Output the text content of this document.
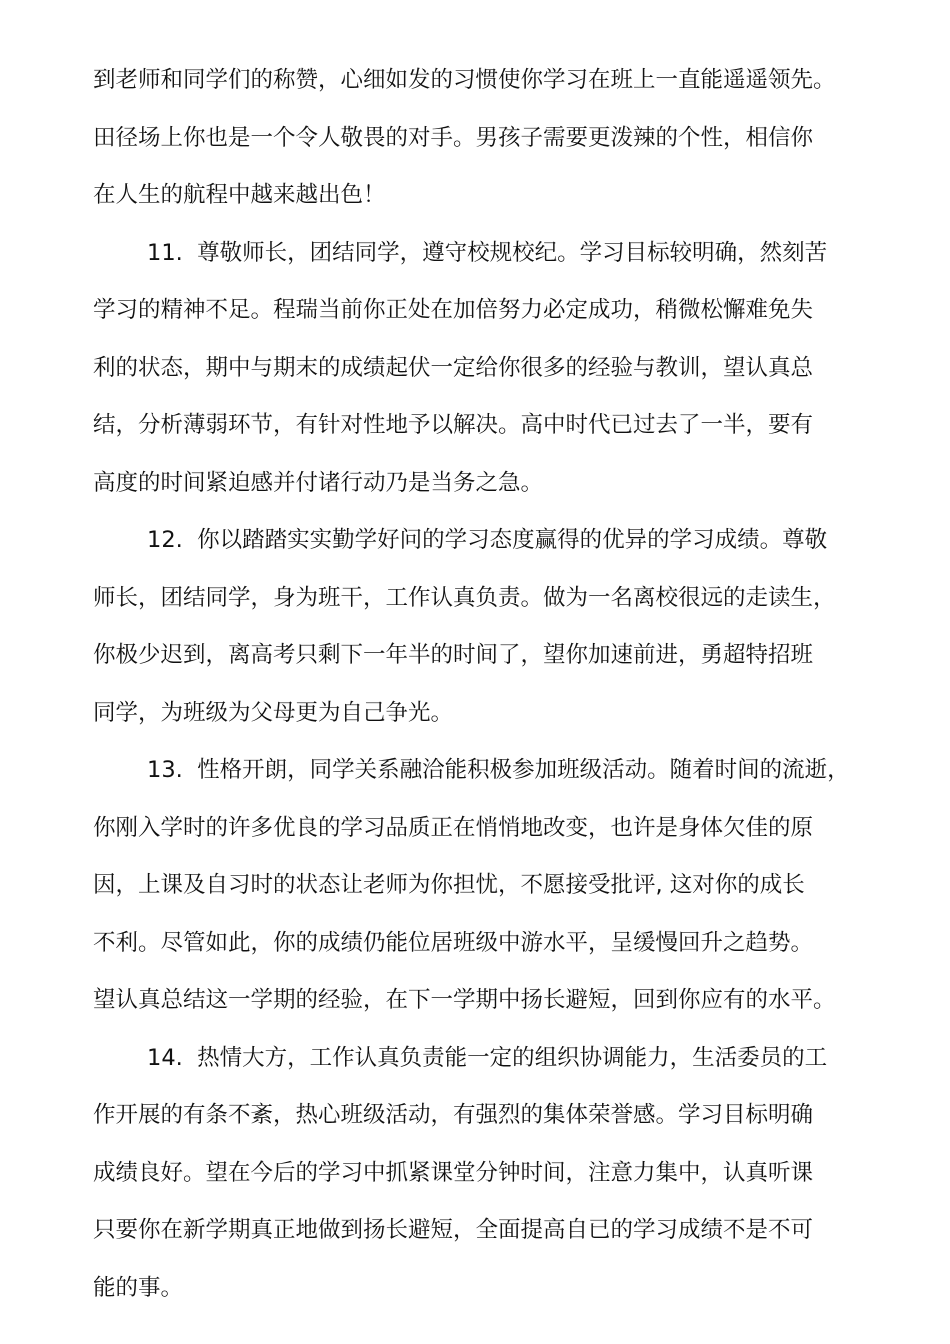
到老师和同学们的称赞，心细如发的习惯使你学习在班上一直能遥遥领先。
田径场上你也是一个令人敬畏的对手。男孩子需要更泼辣的个性，相信你
在人生的航程中越来越出色！
11.  尊敬师长，团结同学，遵守校规校纪。学习目标较明确，然刻苦
学习的精神不足。程瑞当前你正处在加倍努力必定成功，稍微松懈难免失
利的状态，期中与期末的成绩起伏一定给你很多的经验与教训，望认真总
结，分析薄弱环节，有针对性地予以解决。高中时代已过去了一半，要有
高度的时间紧迫感并付诸行动乃是当务之急。
12.  你以踏踏实实勤学好问的学习态度赢得的优异的学习成绩。尊敬
师长，团结同学，身为班干，工作认真负责。做为一名离校很远的走读生，
你极少迟到，离高考只剩下一年半的时间了，望你加速前进，勇超特招班
同学，为班级为父母更为自己争光。
13.  性格开朗，同学关系融洽能积极参加班级活动。随着时间的流逝，
你刚入学时的许多优良的学习品质正在悄悄地改变，也许是身体欠佳的原
因，上课及自习时的状态让老师为你担忧，不愿接受批评, 这对你的成长
不利。尽管如此，你的成绩仍能位居班级中游水平，呈缓慢回升之趋势。
望认真总结这一学期的经验，在下一学期中扬长避短，回到你应有的水平。
14.  热情大方，工作认真负责能一定的组织协调能力，生活委员的工
作开展的有条不紊，热心班级活动，有强烈的集体荣誉感。学习目标明确
成绩良好。望在今后的学习中抓紧课堂分钟时间，注意力集中，认真听课
只要你在新学期真正地做到扬长避短，全面提高自已的学习成绩不是不可
能的事。
